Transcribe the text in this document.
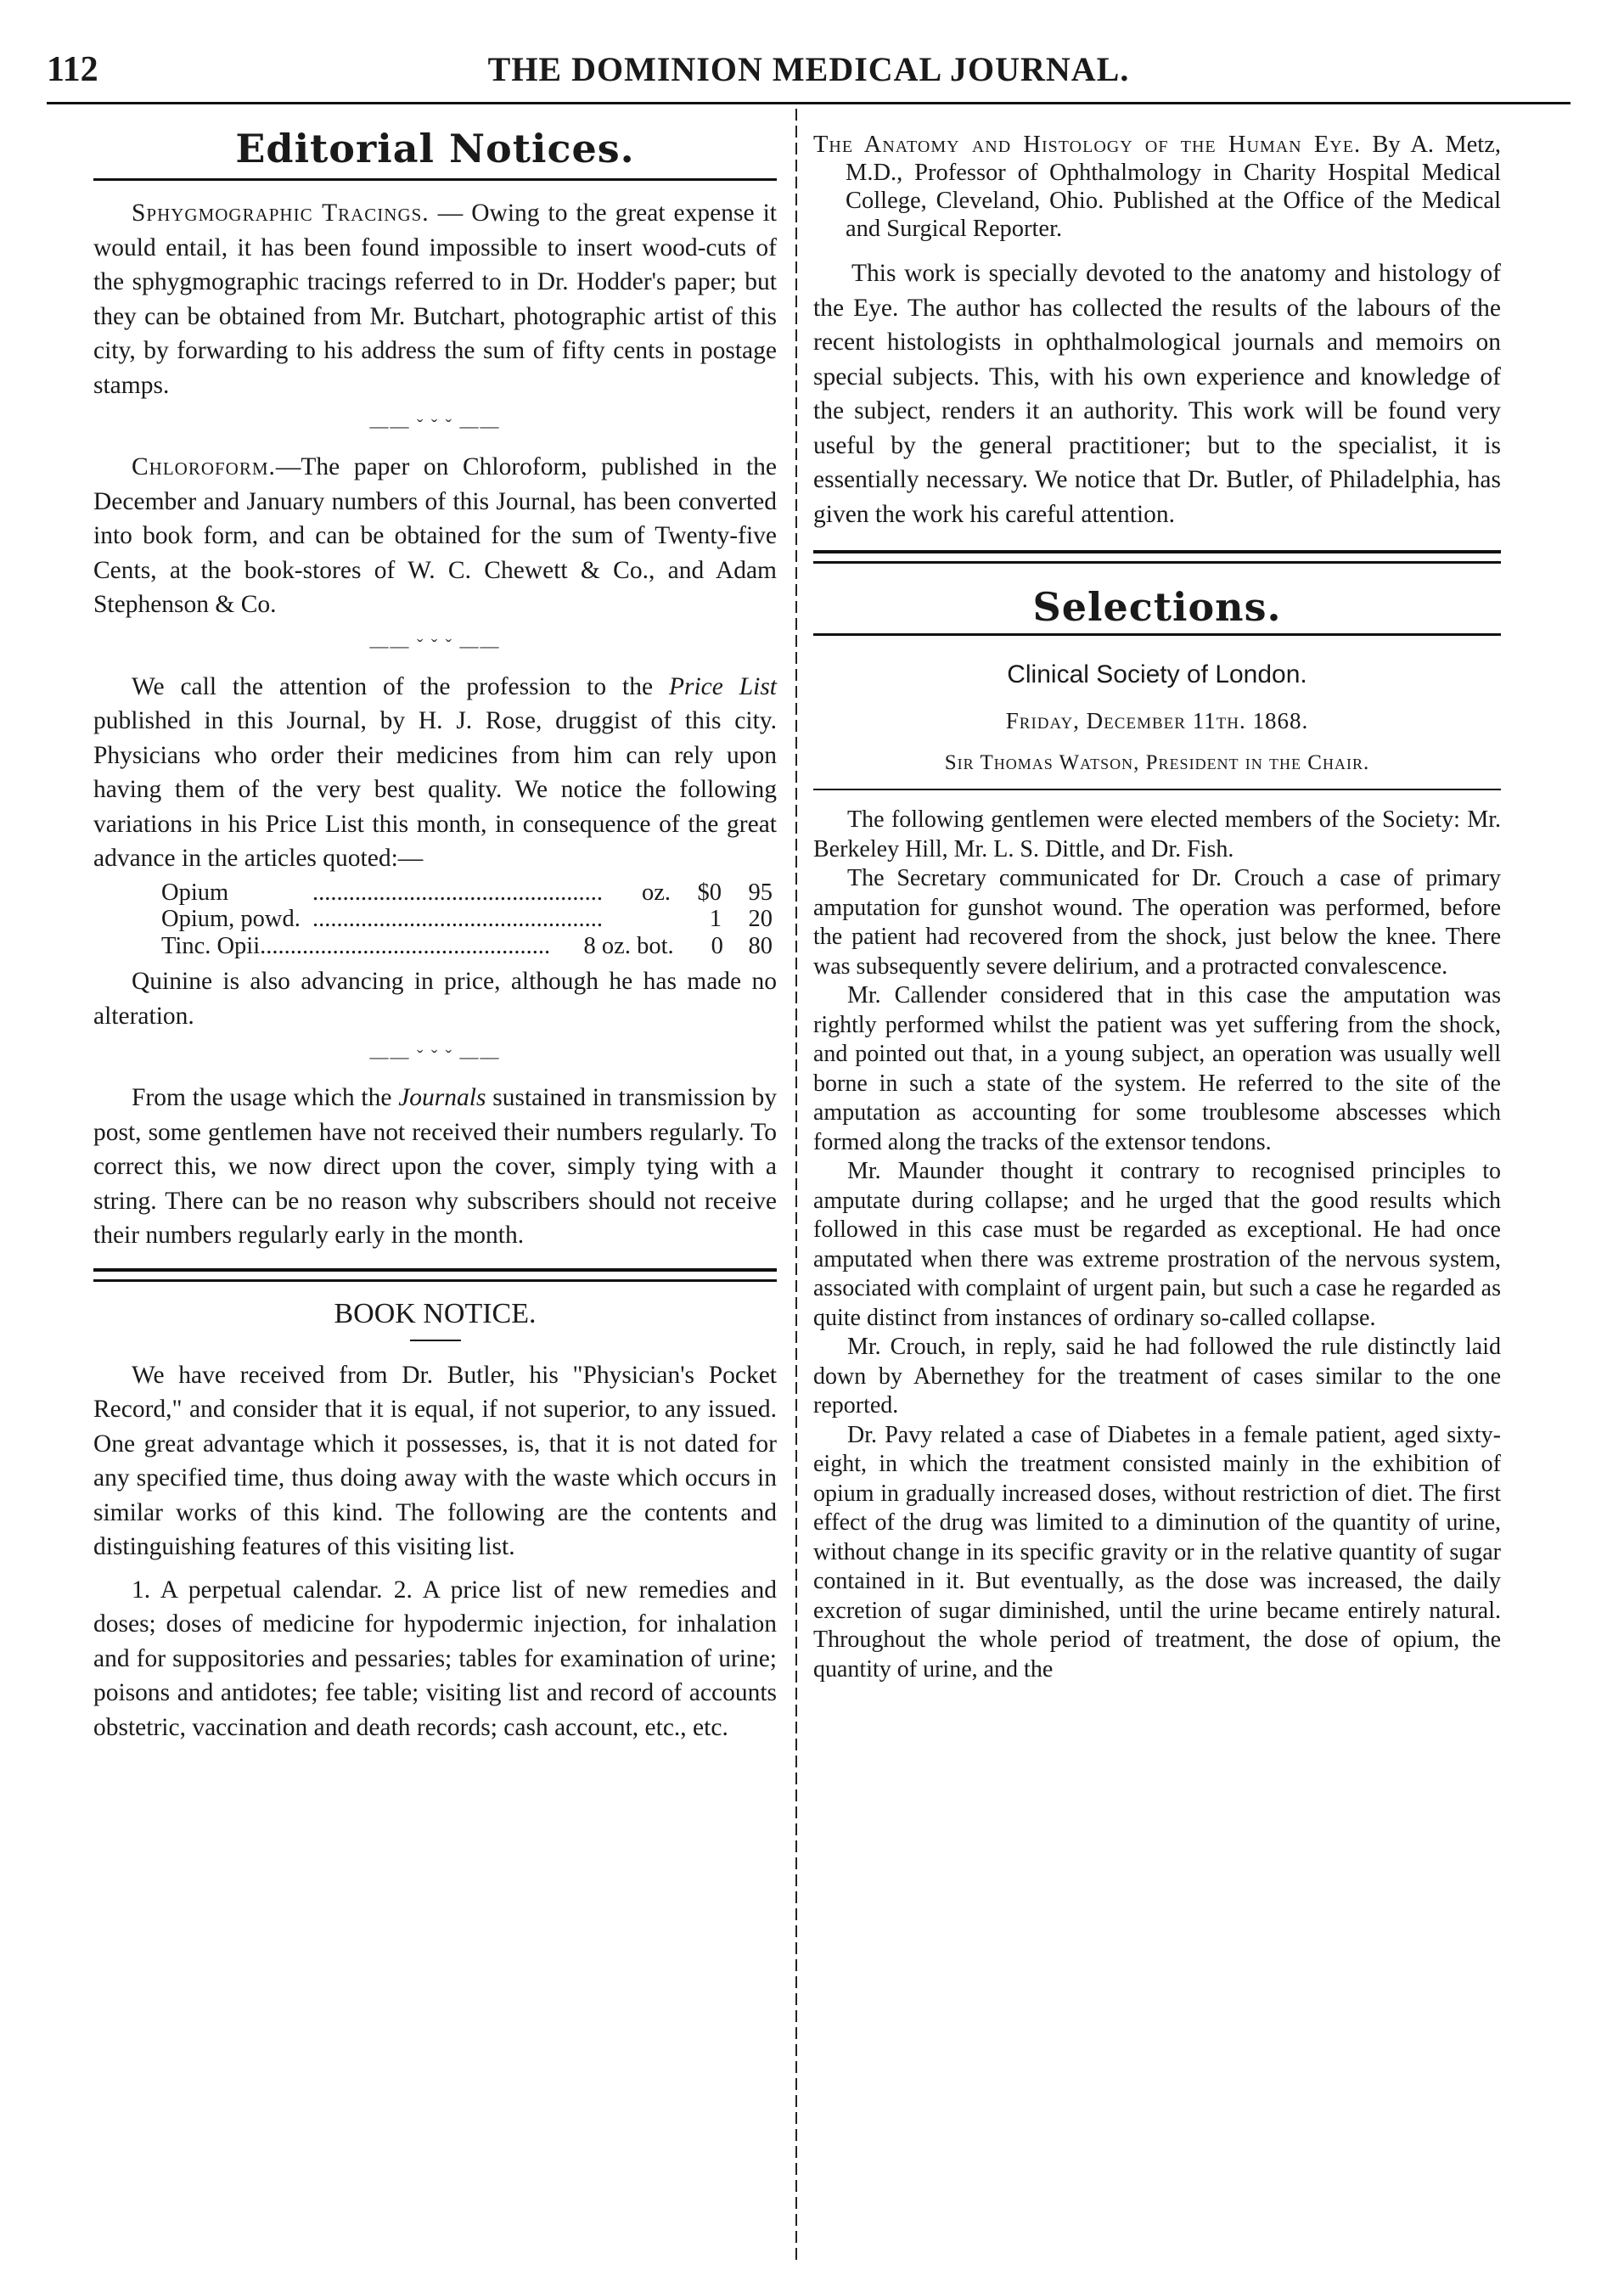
112	THE DOMINION MEDICAL JOURNAL.
Editorial Notices.

Sphygmographic Tracings. — Owing to the great expense it would entail, it has been found impossible to insert wood-cuts of the sphygmographic tracings referred to in Dr. Hodder's paper; but they can be obtained from Mr. Butchart, photographic artist of this city, by forwarding to his address the sum of fifty cents in postage stamps.

—— ˇ ˇ ˇ ——

Chloroform.—The paper on Chloroform, published in the December and January numbers of this Journal, has been converted into book form, and can be obtained for the sum of Twenty-five Cents, at the book-stores of W. C. Chewett & Co., and Adam Stephenson & Co.

—— ˇ ˇ ˇ ——

We call the attention of the profession to the Price List published in this Journal, by H. J. Rose, druggist of this city. Physicians who order their medicines from him can rely upon having them of the very best quality. We notice the following variations in his Price List this month, in consequence of the great advance in the articles quoted:—

Opium	................................................	oz.	$0	95
Opium, powd. ................................................	1	20
Tinc. Opii ................................................	8 oz. bot.	0	80

Quinine is also advancing in price, although he has made no alteration.

—— ˇ ˇ ˇ ——

From the usage which the Journals sustained in transmission by post, some gentlemen have not received their numbers regularly. To correct this, we now direct upon the cover, simply tying with a string. There can be no reason why subscribers should not receive their numbers regularly early in the month.

BOOK NOTICE.

We have received from Dr. Butler, his "Physician's Pocket Record," and consider that it is equal, if not superior, to any issued. One great advantage which it possesses, is, that it is not dated for any specified time, thus doing away with the waste which occurs in similar works of this kind. The following are the contents and distinguishing features of this visiting list.

1. A perpetual calendar. 2. A price list of new remedies and doses; doses of medicine for hypodermic injection, for inhalation and for suppositories and pessaries; tables for examination of urine; poisons and antidotes; fee table; visiting list and record of accounts obstetric, vaccination and death records; cash account, etc., etc.

The Anatomy and Histology of the Human Eye. By A. Metz, M.D., Professor of Ophthalmology in Charity Hospital Medical College, Cleveland, Ohio. Published at the Office of the Medical and Surgical Reporter.

This work is specially devoted to the anatomy and histology of the Eye. The author has collected the results of the labours of the recent histologists in ophthalmological journals and memoirs on special subjects. This, with his own experience and knowledge of the subject, renders it an authority. This work will be found very useful by the general practitioner; but to the specialist, it is essentially necessary. We notice that Dr. Butler, of Philadelphia, has given the work his careful attention.

Selections.
Clinical Society of London.
Friday, December 11th. 1868.
Sir Thomas Watson, President in the Chair.

The following gentlemen were elected members of the Society: Mr. Berkeley Hill, Mr. L. S. Dittle, and Dr. Fish.

The Secretary communicated for Dr. Crouch a case of primary amputation for gunshot wound. The operation was performed, before the patient had recovered from the shock, just below the knee. There was subsequently severe delirium, and a protracted convalescence.

Mr. Callender considered that in this case the amputation was rightly performed whilst the patient was yet suffering from the shock, and pointed out that, in a young subject, an operation was usually well borne in such a state of the system. He referred to the site of the amputation as accounting for some troublesome abscesses which formed along the tracks of the extensor tendons.

Mr. Maunder thought it contrary to recognised principles to amputate during collapse; and he urged that the good results which followed in this case must be regarded as exceptional. He had once amputated when there was extreme prostration of the nervous system, associated with complaint of urgent pain, but such a case he regarded as quite distinct from instances of ordinary so-called collapse.

Mr. Crouch, in reply, said he had followed the rule distinctly laid down by Abernethey for the treatment of cases similar to the one reported.

Dr. Pavy related a case of Diabetes in a female patient, aged sixty-eight, in which the treatment consisted mainly in the exhibition of opium in gradually increased doses, without restriction of diet. The first effect of the drug was limited to a diminution of the quantity of urine, without change in its specific gravity or in the relative quantity of sugar contained in it. But eventually, as the dose was increased, the daily excretion of sugar diminished, until the urine became entirely natural. Throughout the whole period of treatment, the dose of opium, the quantity of urine, and the
